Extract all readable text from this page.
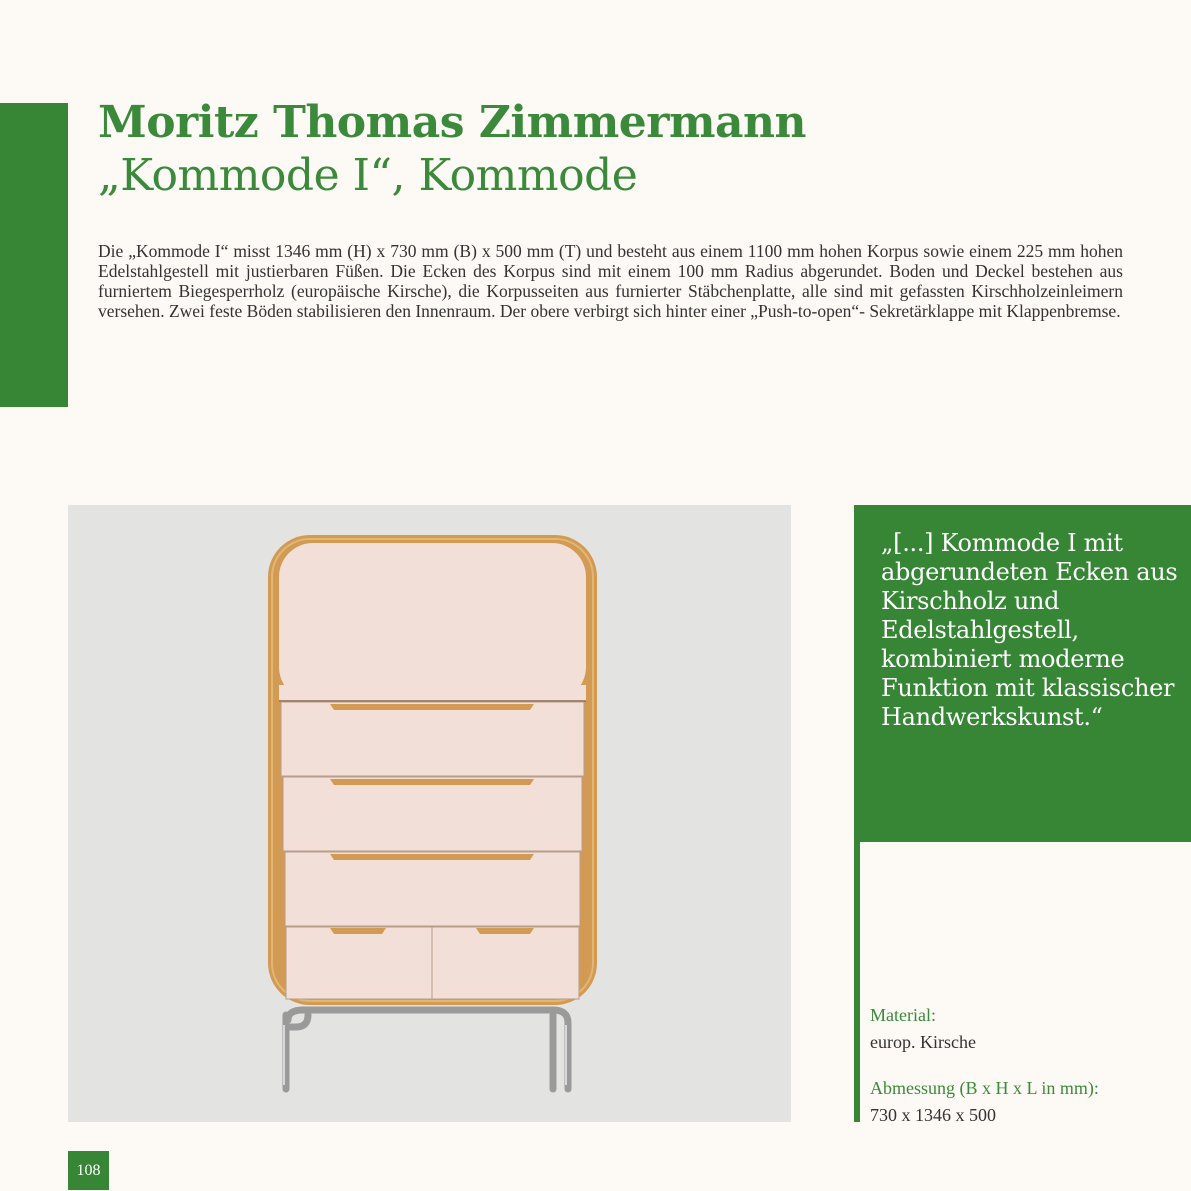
Moritz Thomas Zimmermann
„Kommode I“, Kommode

Die „Kommode I“ misst 1346 mm (H) x 730 mm (B) x 500 mm (T) und besteht aus einem 1100 mm hohen Korpus sowie einem 225 mm hohen Edelstahlgestell mit justierbaren Füßen. Die Ecken des Korpus sind mit einem 100 mm Radius abgerundet. Boden und Deckel bestehen aus furniertem Biegesperrholz (europäische Kirsche), die Korpusseiten aus furnierter Stäbchenplatte, alle sind mit gefassten Kirschholzeinleimern versehen. Zwei feste Böden stabilisieren den Innenraum. Der obere verbirgt sich hinter einer „Push-to-open“- Sekretärklappe mit Klappenbremse.

„[...] Kommode I mit abgerundeten Ecken aus Kirschholz und Edelstahlgestell, kombiniert moderne Funktion mit klassischer Handwerkskunst.“

Material:
europ. Kirsche
Abmessung (B x H x L in mm):
730 x 1346 x 500
108
